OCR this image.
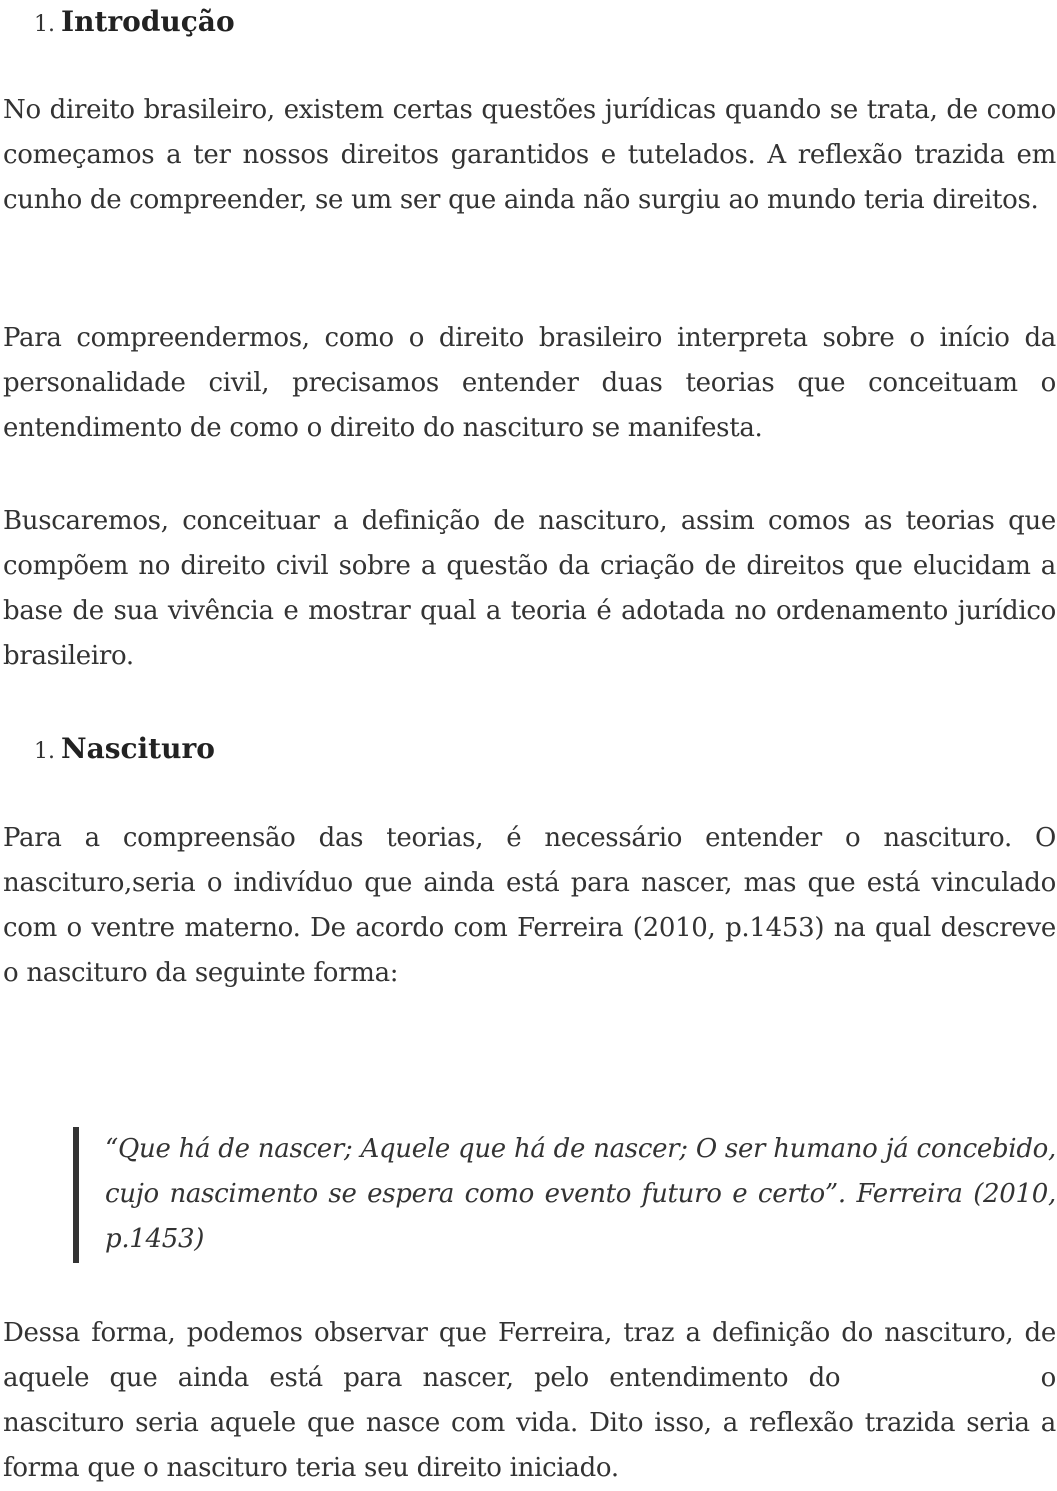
1. Introdução

No direito brasileiro, existem certas questões jurídicas quando se trata, de como começamos a ter nossos direitos garantidos e tutelados. A reflexão trazida em cunho de compreender, se um ser que ainda não surgiu ao mundo teria direitos.

Para compreendermos, como o direito brasileiro interpreta sobre o início da personalidade civil, precisamos entender duas teorias que conceituam o entendimento de como o direito do nascituro se manifesta.

Buscaremos, conceituar a definição de nascituro, assim comos as teorias que compõem no direito civil sobre a questão da criação de direitos que elucidam a base de sua vivência e mostrar qual a teoria é adotada no ordenamento jurídico brasileiro.

1. Nascituro

Para a compreensão das teorias, é necessário entender o nascituro. O nascituro,seria o indivíduo que ainda está para nascer, mas que está vinculado com o ventre materno. De acordo com Ferreira (2010, p.1453) na qual descreve o nascituro da seguinte forma:

“Que há de nascer; Aquele que há de nascer; O ser humano já concebido, cujo nascimento se espera como evento futuro e certo”. Ferreira (2010, p.1453)

Dessa forma, podemos observar que Ferreira, traz a definição do nascituro, de aquele que ainda está para nascer, pelo entendimento do	o nascituro seria aquele que nasce com vida. Dito isso, a reflexão trazida seria a forma que o nascituro teria seu direito iniciado.
